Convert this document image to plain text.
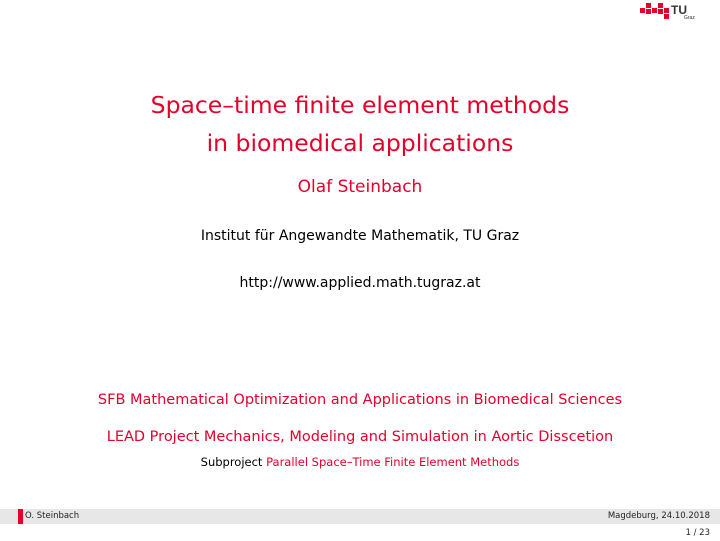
TU
Graz
Space–time finite element methods
in biomedical applications
Olaf Steinbach
Institut für Angewandte Mathematik, TU Graz
http://www.applied.math.tugraz.at
SFB Mathematical Optimization and Applications in Biomedical Sciences
LEAD Project Mechanics, Modeling and Simulation in Aortic Disscetion
Subproject Parallel Space–Time Finite Element Methods
O. Steinbach	Magdeburg, 24.10.2018
1 / 23
